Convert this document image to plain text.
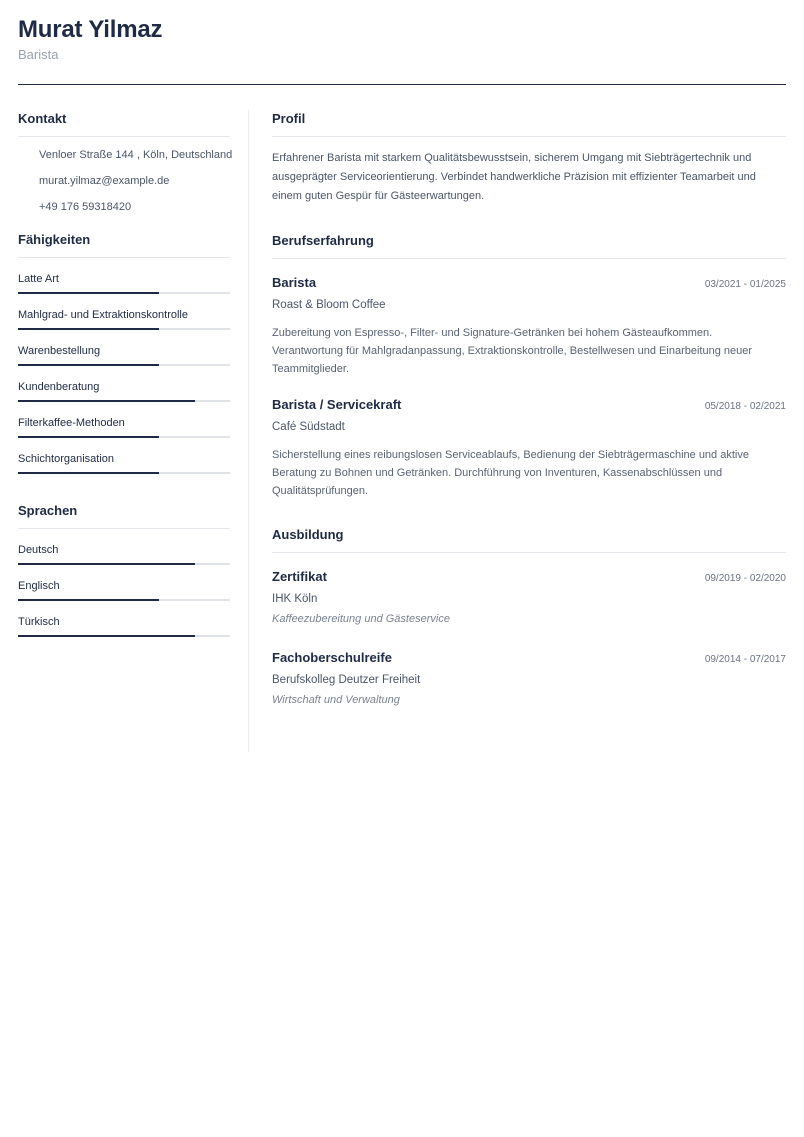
Murat Yilmaz
Barista
Kontakt
Venloer Straße 144 , Köln, Deutschland
murat.yilmaz@example.de
+49 176 59318420
Fähigkeiten
Latte Art
Mahlgrad- und Extraktionskontrolle
Warenbestellung
Kundenberatung
Filterkaffee-Methoden
Schichtorganisation
Sprachen
Deutsch
Englisch
Türkisch
Profil

Erfahrener Barista mit starkem Qualitätsbewusstsein, sicherem Umgang mit Siebträgertechnik und ausgeprägter Serviceorientierung. Verbindet handwerkliche Präzision mit effizienter Teamarbeit und einem guten Gespür für Gästeerwartungen.

Berufserfahrung
Barista	03/2021 - 01/2025
Roast & Bloom Coffee

Zubereitung von Espresso-, Filter- und Signature-Getränken bei hohem Gästeaufkommen. Verantwortung für Mahlgradanpassung, Extraktionskontrolle, Bestellwesen und Einarbeitung neuer Teammitglieder.

Barista / Servicekraft	05/2018 - 02/2021
Café Südstadt

Sicherstellung eines reibungslosen Serviceablaufs, Bedienung der Siebträgermaschine und aktive Beratung zu Bohnen und Getränken. Durchführung von Inventuren, Kassenabschlüssen und Qualitätsprüfungen.

Ausbildung
Zertifikat	09/2019 - 02/2020
IHK Köln
Kaffeezubereitung und Gästeservice
Fachoberschulreife	09/2014 - 07/2017
Berufskolleg Deutzer Freiheit
Wirtschaft und Verwaltung
